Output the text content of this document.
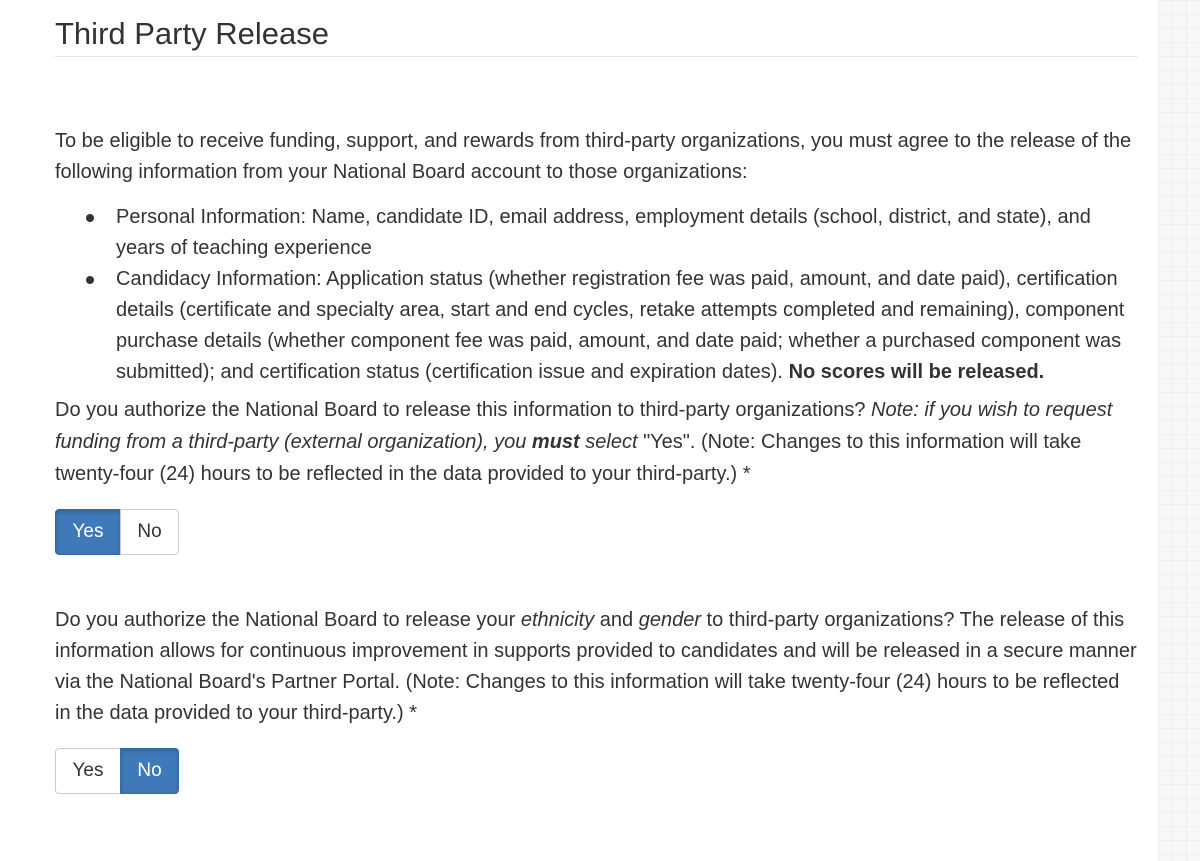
Third Party Release

To be eligible to receive funding, support, and rewards from third-party organizations, you must agree to the release of the following information from your National Board account to those organizations:

Personal Information: Name, candidate ID, email address, employment details (school, district, and state), and years of teaching experience
Candidacy Information: Application status (whether registration fee was paid, amount, and date paid), certification details (certificate and specialty area, start and end cycles, retake attempts completed and remaining), component purchase details (whether component fee was paid, amount, and date paid; whether a purchased component was submitted); and certification status (certification issue and expiration dates). No scores will be released.

Do you authorize the National Board to release this information to third-party organizations? Note: if you wish to request funding from a third-party (external organization), you must select "Yes". (Note: Changes to this information will take twenty-four (24) hours to be reflected in the data provided to your third-party.) *

Yes	No

Do you authorize the National Board to release your ethnicity and gender to third-party organizations? The release of this information allows for continuous improvement in supports provided to candidates and will be released in a secure manner via the National Board's Partner Portal. (Note: Changes to this information will take twenty-four (24) hours to be reflected in the data provided to your third-party.) *

Yes	No
